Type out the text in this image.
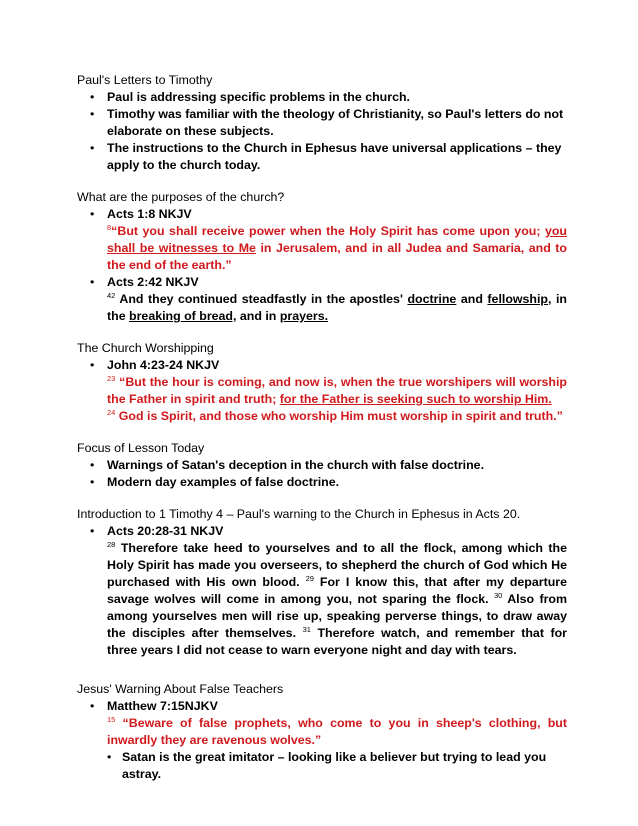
Paul's Letters to Timothy

• Paul is addressing specific problems in the church.
• Timothy was familiar with the theology of Christianity, so Paul's letters do not elaborate on these subjects.
• The instructions to the Church in Ephesus have universal applications – they apply to the church today.

What are the purposes of the church?

• Acts 1:8 NKJV
$^8$“But you shall receive power when the Holy Spirit has come upon you; you shall be witnesses to Me in Jerusalem, and in all Judea and Samaria, and to the end of the earth.”
• Acts 2:42 NKJV
$^{42}$ And they continued steadfastly in the apostles' doctrine and fellowship, in the breaking of bread, and in prayers.

The Church Worshipping

• John 4:23-24 NKJV
$^{23}$ “But the hour is coming, and now is, when the true worshipers will worship the Father in spirit and truth; for the Father is seeking such to worship Him.
$^{24}$ God is Spirit, and those who worship Him must worship in spirit and truth.”

Focus of Lesson Today

• Warnings of Satan's deception in the church with false doctrine.
• Modern day examples of false doctrine.

Introduction to 1 Timothy 4 – Paul's warning to the Church in Ephesus in Acts 20.

• Acts 20:28-31 NKJV
$^{28}$ Therefore take heed to yourselves and to all the flock, among which the Holy Spirit has made you overseers, to shepherd the church of God which He purchased with His own blood. $^{29}$ For I know this, that after my departure savage wolves will come in among you, not sparing the flock. $^{30}$ Also from among yourselves men will rise up, speaking perverse things, to draw away the disciples after themselves. $^{31}$ Therefore watch, and remember that for three years I did not cease to warn everyone night and day with tears.

Jesus' Warning About False Teachers

• Matthew 7:15NJKV
$^{15}$ “Beware of false prophets, who come to you in sheep's clothing, but inwardly they are ravenous wolves.”
• Satan is the great imitator – looking like a believer but trying to lead you astray.
